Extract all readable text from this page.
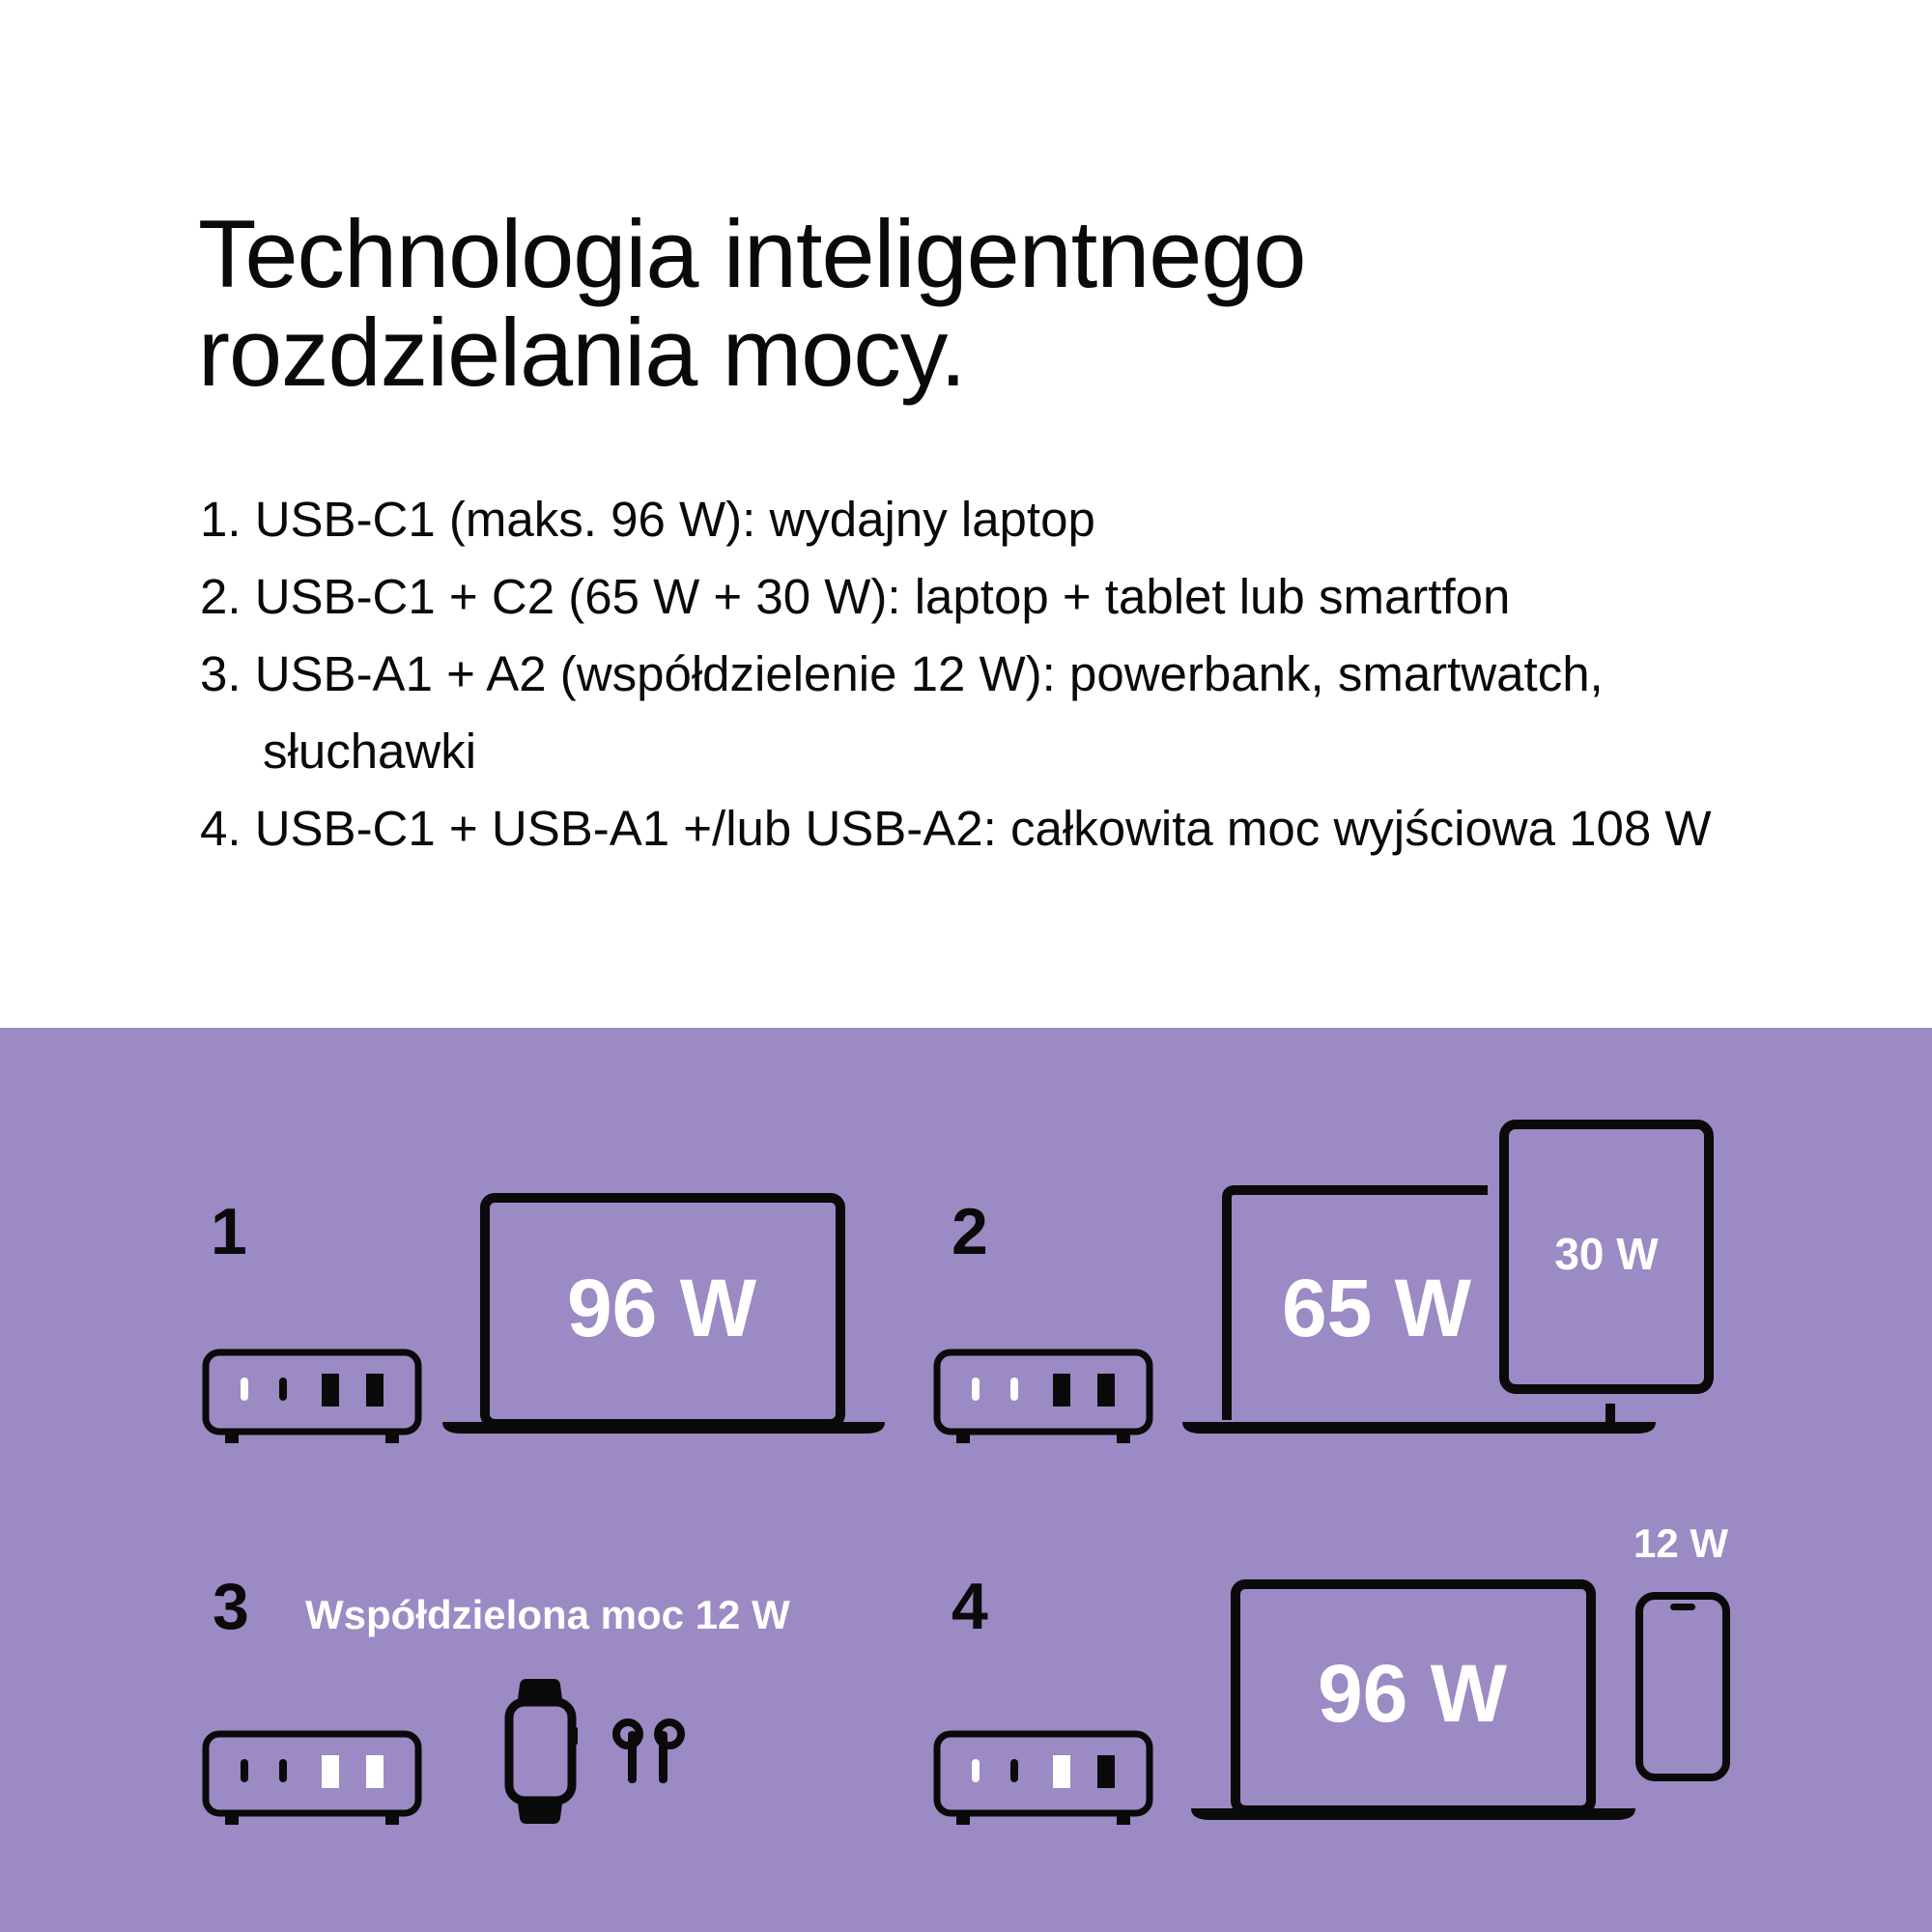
Technologia inteligentnego
rozdzielania mocy.
1. USB-C1 (maks. 96 W): wydajny laptop
2. USB-C1 + C2 (65 W + 30 W): laptop + tablet lub smartfon
3. USB-A1 + A2 (współdzielenie 12 W): powerbank, smartwatch, słuchawki
4. USB-C1 + USB-A1 +/lub USB-A2: całkowita moc wyjściowa 108 W
1
96 W
2
65 W
30 W
3 Współdzielona moc 12 W 4
96 W
12 W
